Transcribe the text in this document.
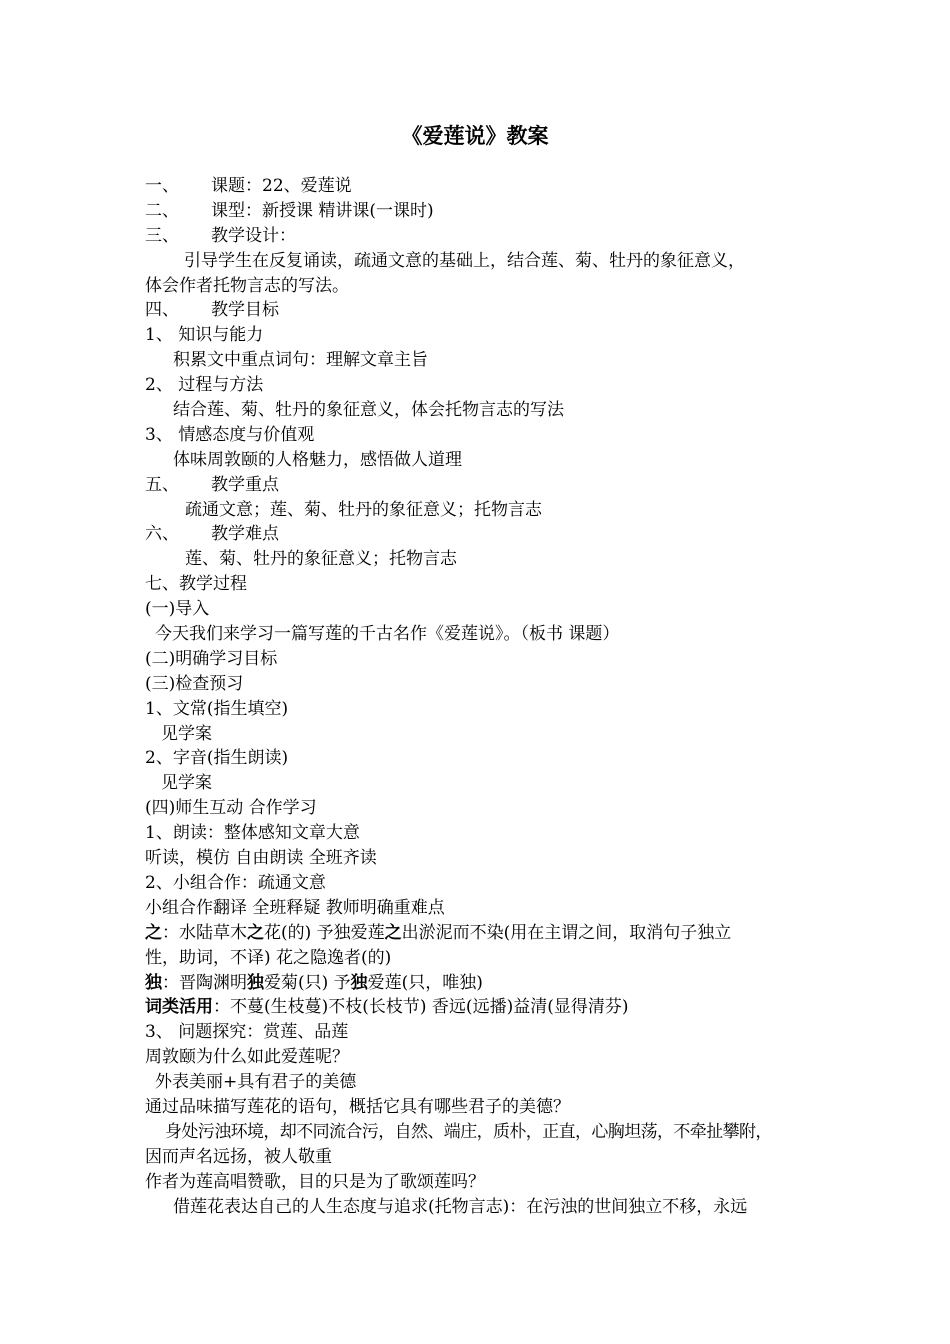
《爱莲说》教案
一、 课题：22、爱莲说
二、 课型：新授课 精讲课(一课时)
三、 教学设计：
引导学生在反复诵读，疏通文意的基础上，结合莲、菊、牡丹的象征意义，
体会作者托物言志的写法。
四、 教学目标
1、 知识与能力
积累文中重点词句：理解文章主旨
2、 过程与方法
结合莲、菊、牡丹的象征意义，体会托物言志的写法
3、 情感态度与价值观
体味周敦颐的人格魅力，感悟做人道理
五、 教学重点
疏通文意；莲、菊、牡丹的象征意义；托物言志
六、 教学难点
莲、菊、牡丹的象征意义；托物言志
七、教学过程
(一)导入
今天我们来学习一篇写莲的千古名作《爱莲说》。（板书 课题）
(二)明确学习目标
(三)检查预习
1、文常(指生填空)
见学案
2、字音(指生朗读)
见学案
(四)师生互动 合作学习
1、朗读：整体感知文章大意
听读，模仿 自由朗读 全班齐读
2、小组合作：疏通文意
小组合作翻译 全班释疑 教师明确重难点
之：水陆草木之花(的) 予独爱莲之出淤泥而不染(用在主谓之间，取消句子独立
性，助词，不译) 花之隐逸者(的)
独：晋陶渊明独爱菊(只) 予独爱莲(只，唯独)
词类活用：不蔓(生枝蔓)不枝(长枝节) 香远(远播)益清(显得清芬)
3、 问题探究：赏莲、品莲
周敦颐为什么如此爱莲呢？
外表美丽+具有君子的美德
通过品味描写莲花的语句，概括它具有哪些君子的美德？
身处污浊环境，却不同流合污，自然、端庄，质朴，正直，心胸坦荡，不牵扯攀附，
因而声名远扬，被人敬重
作者为莲高唱赞歌，目的只是为了歌颂莲吗？
借莲花表达自己的人生态度与追求(托物言志)：在污浊的世间独立不移，永远
